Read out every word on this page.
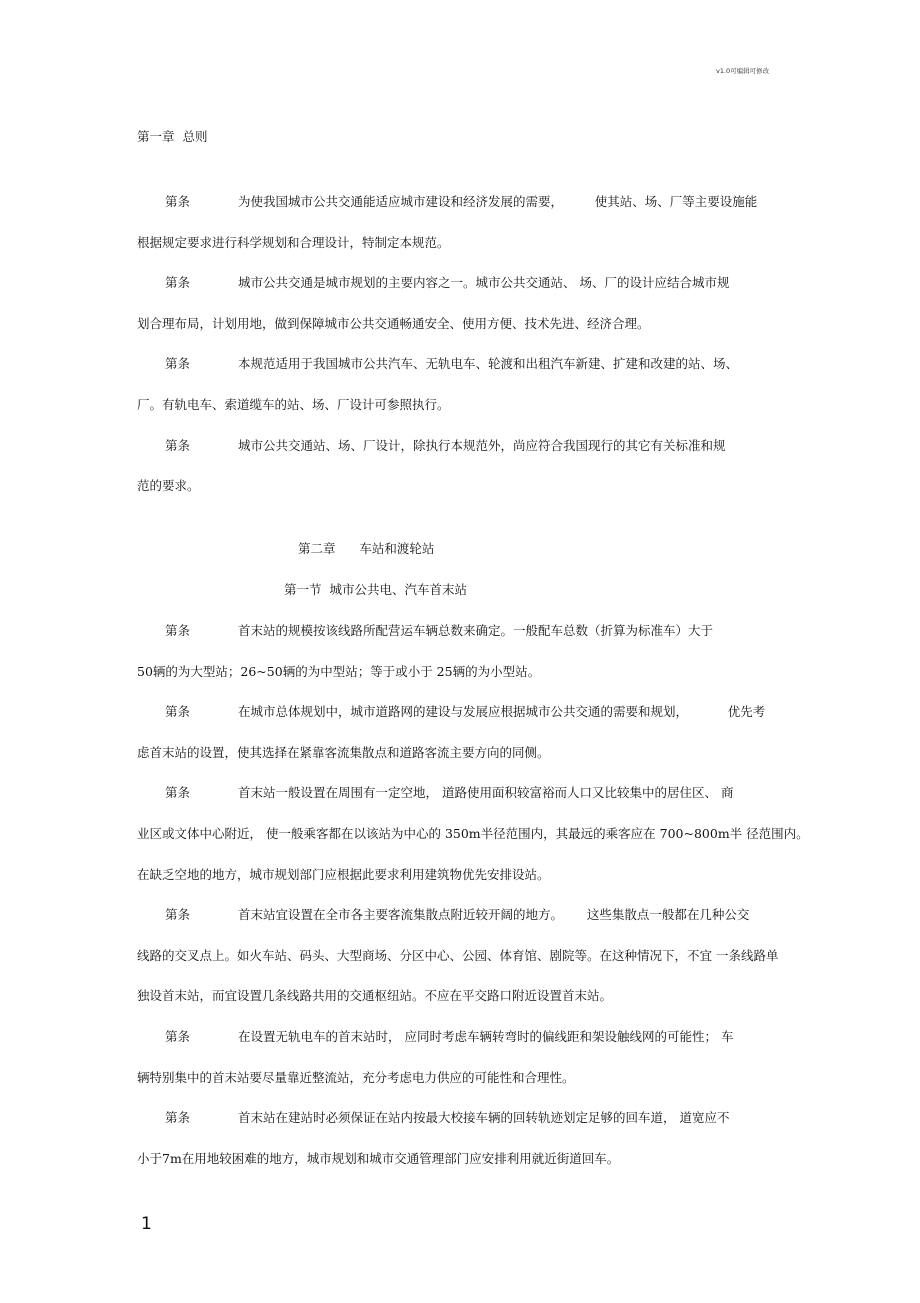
v1.0可编辑可修改
第一章  总则
第条	为使我国城市公共交通能适应城市建设和经济发展的需要，        使其站、场、厂等主要设施能
根据规定要求进行科学规划和合理设计，特制定本规范。
第条	城市公共交通是城市规划的主要内容之一。城市公共交通站、 场、厂的设计应结合城市规
划合理布局，计划用地，做到保障城市公共交通畅通安全、使用方便、技术先进、经济合理。
第条	本规范适用于我国城市公共汽车、无轨电车、轮渡和出租汽车新建、扩建和改建的站、场、
厂。有轨电车、索道缆车的站、场、厂设计可参照执行。
第条	城市公共交通站、场、厂设计，除执行本规范外，尚应符合我国现行的其它有关标准和规
范的要求。
第二章      车站和渡轮站
第一节  城市公共电、汽车首末站
第条	首末站的规模按该线路所配营运车辆总数来确定。一般配车总数（折算为标准车）大于
50辆的为大型站；26~50辆的为中型站；等于或小于 25辆的为小型站。
第条	在城市总体规划中，城市道路网的建设与发展应根据城市公共交通的需要和规划，          优先考
虑首末站的设置，使其选择在紧靠客流集散点和道路客流主要方向的同侧。
第条	首末站一般设置在周围有一定空地， 道路使用面积较富裕而人口又比较集中的居住区、 商
业区或文体中心附近， 使一般乘客都在以该站为中心的 350m半径范围内，其最远的乘客应在 700~800m半 径范围内。
在缺乏空地的地方，城市规划部门应根据此要求利用建筑物优先安排设站。
第条	首末站宜设置在全市各主要客流集散点附近较开阔的地方。      这些集散点一般都在几种公交
线路的交叉点上。如火车站、码头、大型商场、分区中心、公园、体育馆、剧院等。在这种情况下，不宜 一条线路单
独设首末站，而宜设置几条线路共用的交通枢纽站。不应在平交路口附近设置首末站。
第条	在设置无轨电车的首末站时， 应同时考虑车辆转弯时的偏线距和架设触线网的可能性； 车
辆特别集中的首末站要尽量靠近整流站，充分考虑电力供应的可能性和合理性。
第条	首末站在建站时必须保证在站内按最大校接车辆的回转轨迹划定足够的回车道， 道宽应不
小于7m在用地较困难的地方，城市规划和城市交通管理部门应安排利用就近街道回车。
1
